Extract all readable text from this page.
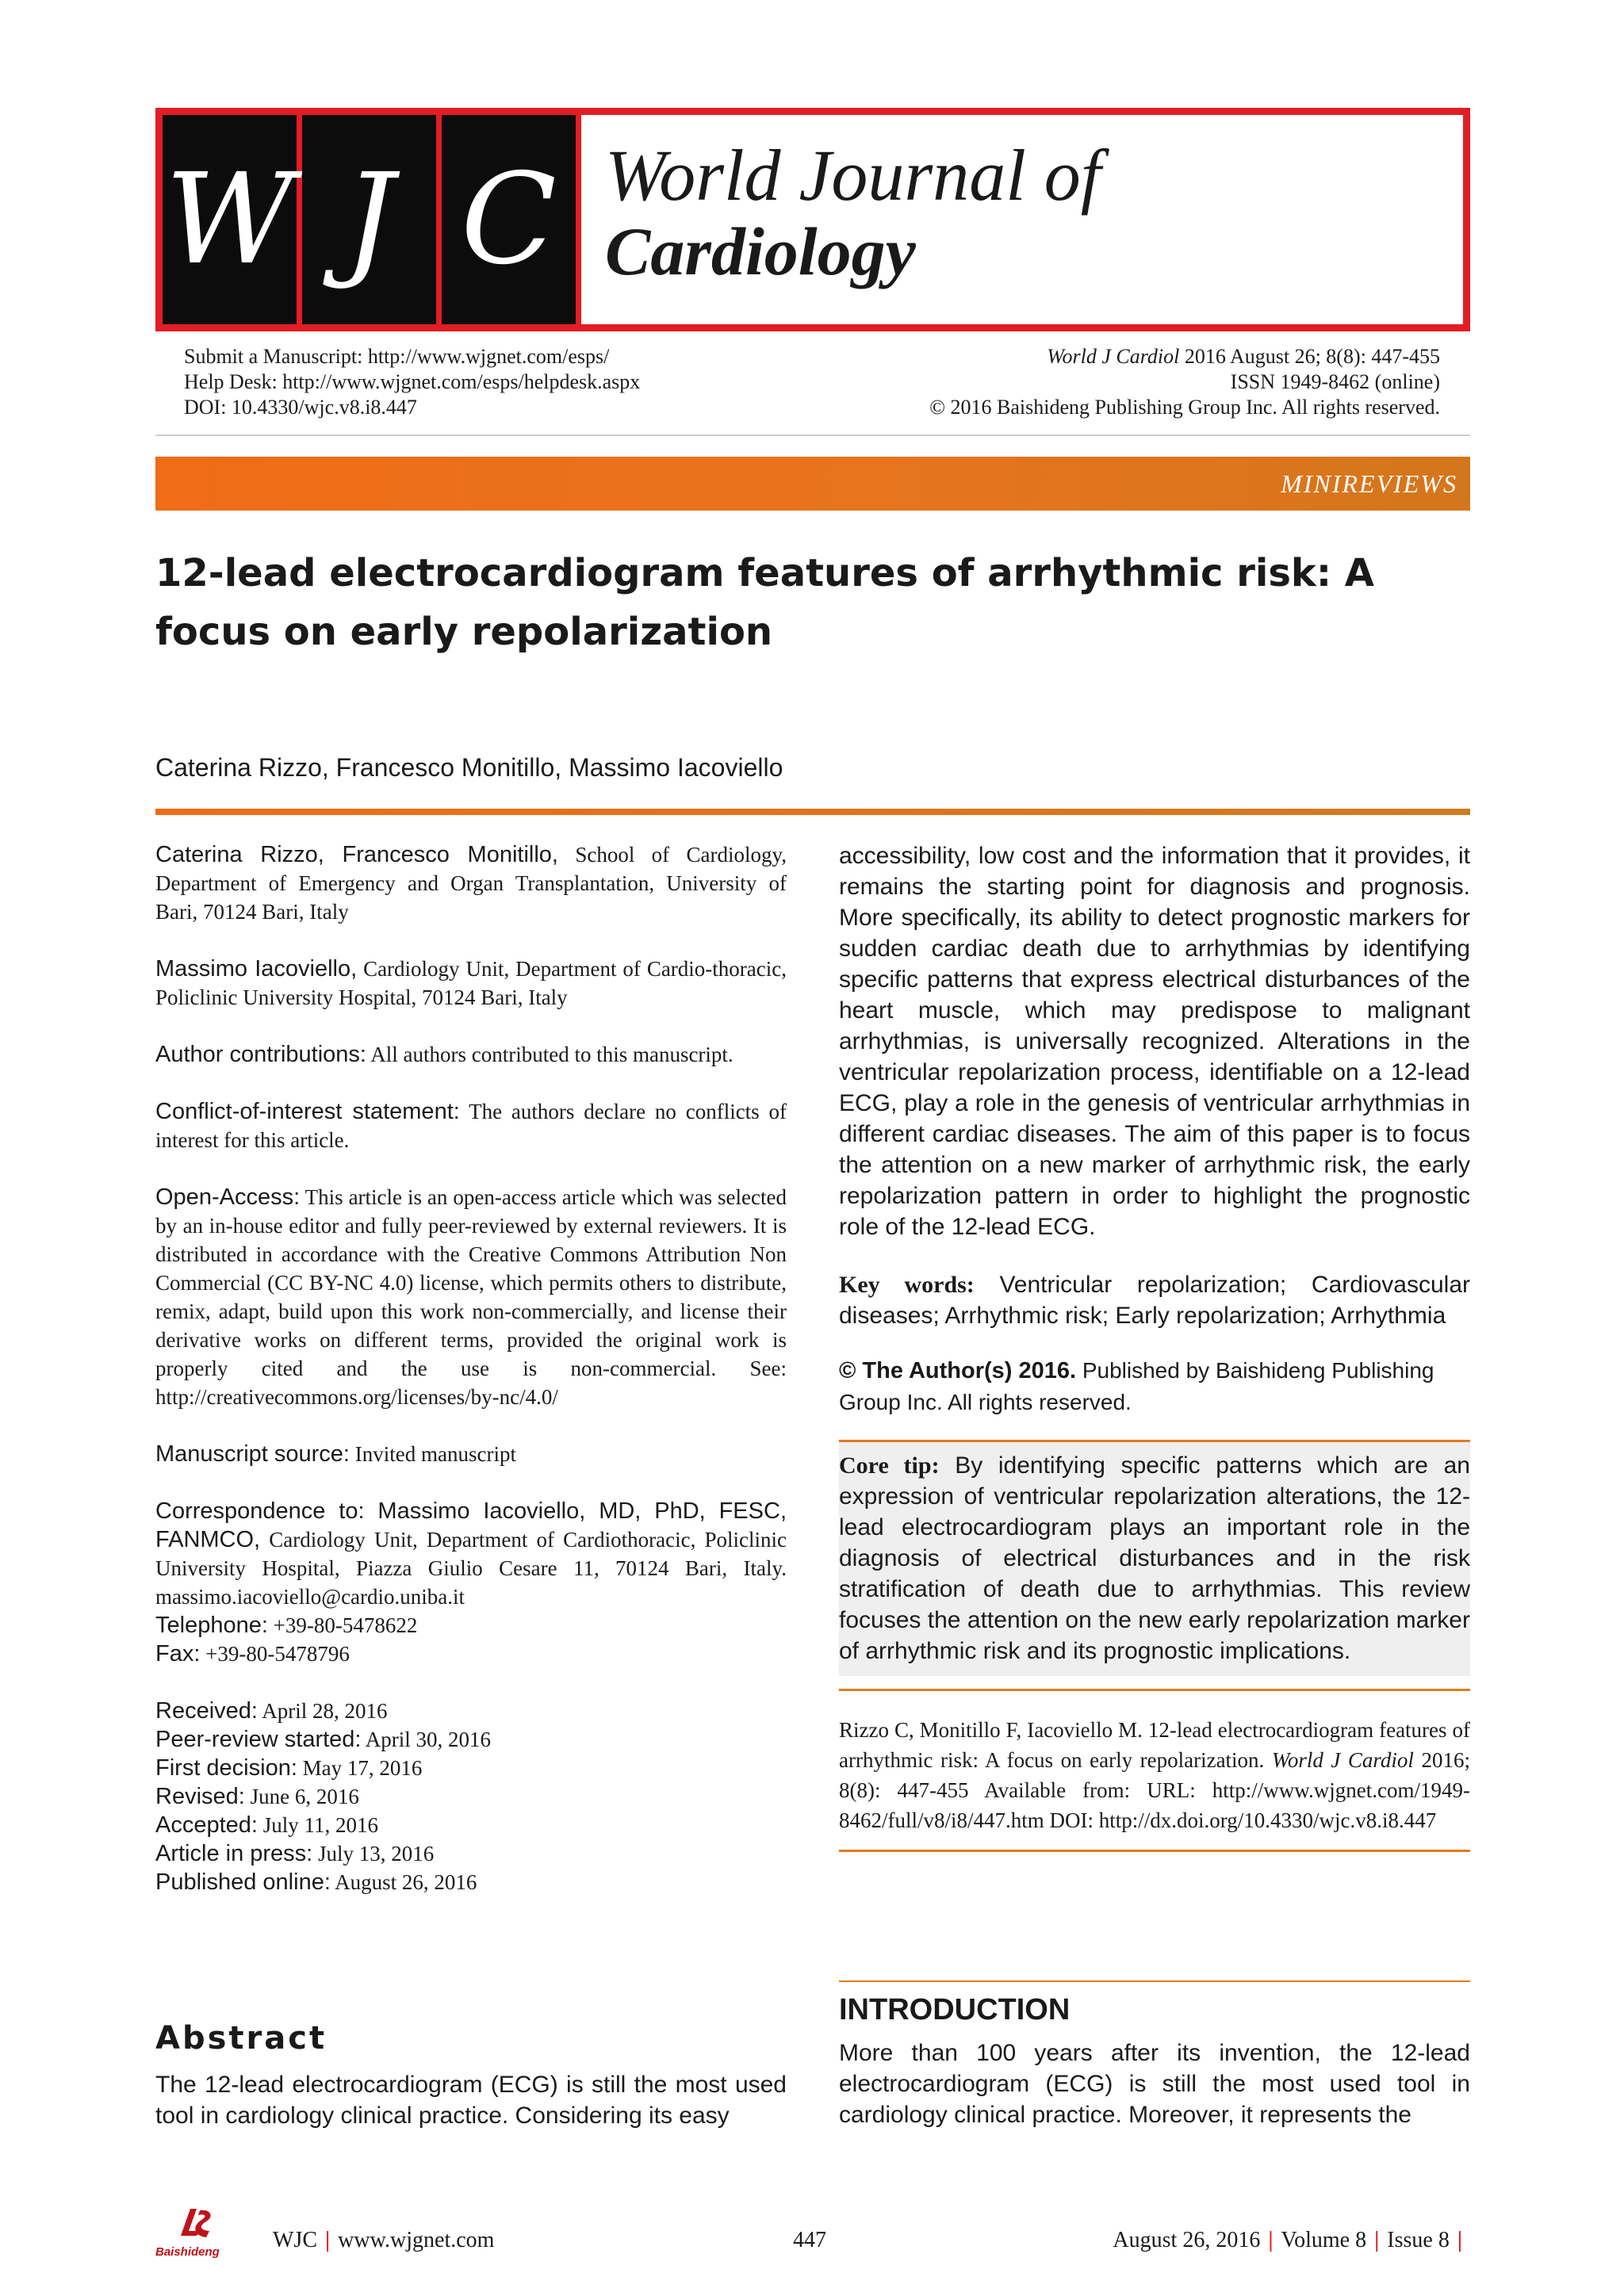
W J C World Journal of
Cardiology
Submit a Manuscript: http://www.wjgnet.com/esps/
Help Desk: http://www.wjgnet.com/esps/helpdesk.aspx
DOI: 10.4330/wjc.v8.i8.447
World J Cardiol 2016 August 26; 8(8): 447-455
ISSN 1949-8462 (online)
© 2016 Baishideng Publishing Group Inc. All rights reserved.
MINIREVIEWS
12-lead electrocardiogram features of arrhythmic risk: A focus on early repolarization
Caterina Rizzo, Francesco Monitillo, Massimo Iacoviello

Caterina Rizzo, Francesco Monitillo, School of Cardiology, Department of Emergency and Organ Transplantation, University of Bari, 70124 Bari, Italy

Massimo Iacoviello, Cardiology Unit, Department of Cardio-thoracic, Policlinic University Hospital, 70124 Bari, Italy

Author contributions: All authors contributed to this manuscript.

Conflict-of-interest statement: The authors declare no conflicts of interest for this article.

Open-Access: This article is an open-access article which was selected by an in-house editor and fully peer-reviewed by external reviewers. It is distributed in accordance with the Creative Commons Attribution Non Commercial (CC BY-NC 4.0) license, which permits others to distribute, remix, adapt, build upon this work non-commercially, and license their derivative works on different terms, provided the original work is properly cited and the use is non-commercial. See: http://creativecommons.org/licenses/by-nc/4.0/

Manuscript source: Invited manuscript

Correspondence to: Massimo Iacoviello, MD, PhD, FESC, FANMCO, Cardiology Unit, Department of Cardiothoracic, Policlinic University Hospital, Piazza Giulio Cesare 11, 70124 Bari, Italy. massimo.iacoviello@cardio.uniba.it

Telephone: +39-80-5478622

Fax: +39-80-5478796

Received: April 28, 2016

Peer-review started: April 30, 2016

First decision: May 17, 2016

Revised: June 6, 2016

Accepted: July 11, 2016

Article in press: July 13, 2016

Published online: August 26, 2016

Abstract

The 12-lead electrocardiogram (ECG) is still the most used tool in cardiology clinical practice. Considering its easy

accessibility, low cost and the information that it provides, it remains the starting point for diagnosis and prognosis. More specifically, its ability to detect prognostic markers for sudden cardiac death due to arrhythmias by identifying specific patterns that express electrical disturbances of the heart muscle, which may predispose to malignant arrhythmias, is universally recognized. Alterations in the ventricular repolarization process, identifiable on a 12-lead ECG, play a role in the genesis of ventricular arrhythmias in different cardiac diseases. The aim of this paper is to focus the attention on a new marker of arrhythmic risk, the early repolarization pattern in order to highlight the prognostic role of the 12-lead ECG.

Key words: Ventricular repolarization; Cardiovascular diseases; Arrhythmic risk; Early repolarization; Arrhythmia

© The Author(s) 2016. Published by Baishideng Publishing Group Inc. All rights reserved.

Core tip: By identifying specific patterns which are an expression of ventricular repolarization alterations, the 12-lead electrocardiogram plays an important role in the diagnosis of electrical disturbances and in the risk stratification of death due to arrhythmias. This review focuses the attention on the new early repolarization marker of arrhythmic risk and its prognostic implications.

Rizzo C, Monitillo F, Iacoviello M. 12-lead electrocardiogram features of arrhythmic risk: A focus on early repolarization. World J Cardiol 2016; 8(8): 447-455 Available from: URL: http://www.wjgnet.com/1949-8462/full/v8/i8/447.htm DOI: http://dx.doi.org/10.4330/wjc.v8.i8.447

INTRODUCTION

More than 100 years after its invention, the 12-lead electrocardiogram (ECG) is still the most used tool in cardiology clinical practice. Moreover, it represents the

Baishideng WJC | www.wjgnet.com	447	August 26, 2016 | Volume 8 | Issue 8 |
